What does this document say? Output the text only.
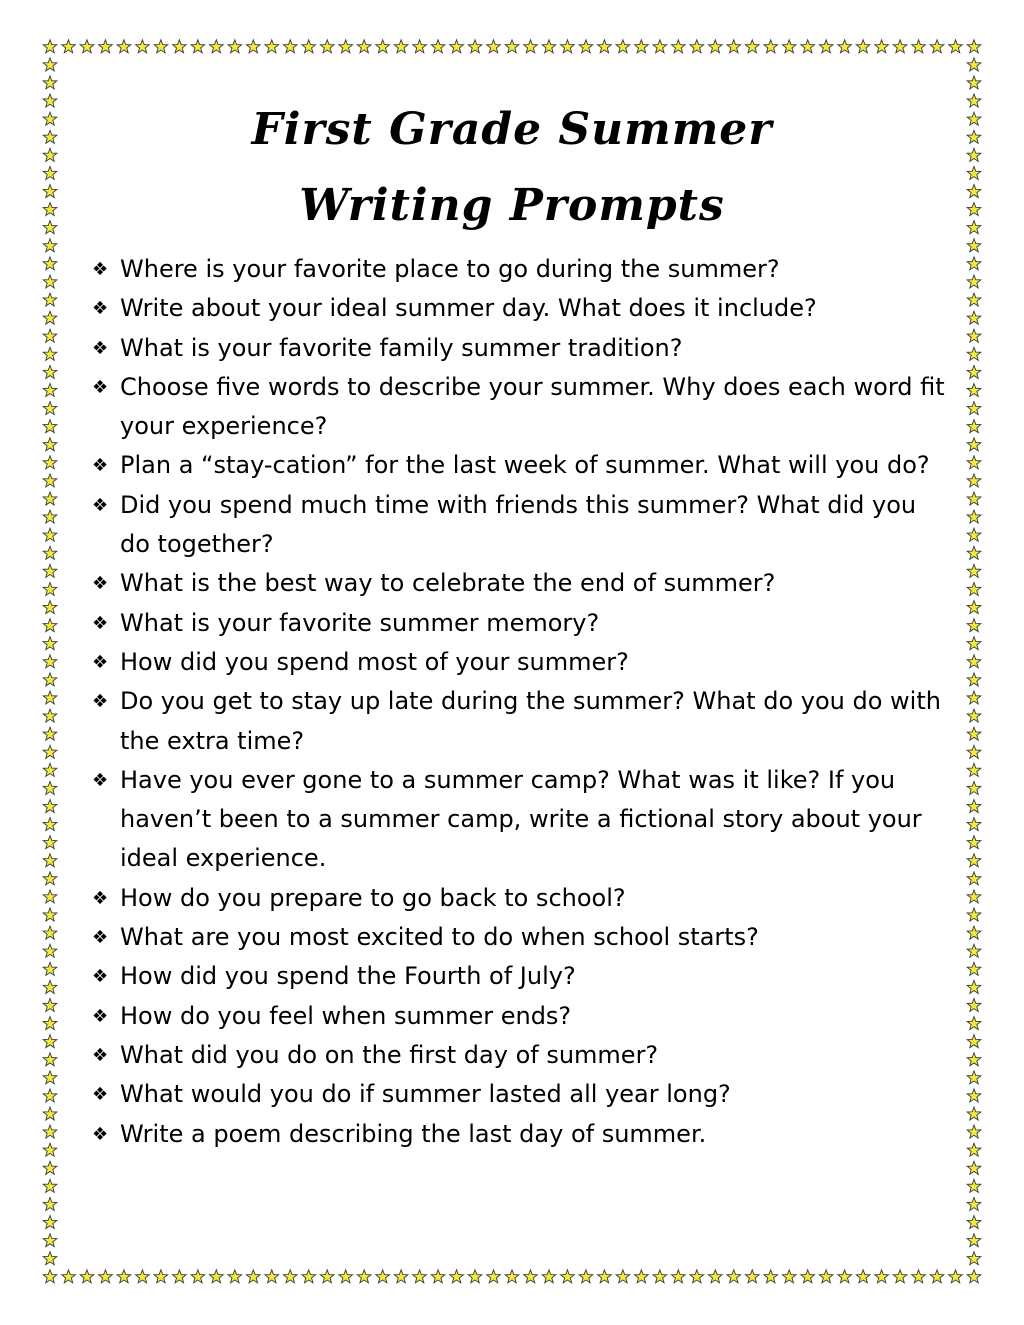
First Grade Summer
Writing Prompts
❖ Where is your favorite place to go during the summer?
❖ Write about your ideal summer day. What does it include?
❖ What is your favorite family summer tradition?
❖ Choose five words to describe your summer. Why does each word fit your experience?
❖ Plan a “stay-cation” for the last week of summer. What will you do?
❖ Did you spend much time with friends this summer? What did you do together?
❖ What is the best way to celebrate the end of summer?
❖ What is your favorite summer memory?
❖ How did you spend most of your summer?
❖ Do you get to stay up late during the summer? What do you do with the extra time?
❖ Have you ever gone to a summer camp? What was it like? If you haven’t been to a summer camp, write a fictional story about your ideal experience.
❖ How do you prepare to go back to school?
❖ What are you most excited to do when school starts?
❖ How did you spend the Fourth of July?
❖ How do you feel when summer ends?
❖ What did you do on the first day of summer?
❖ What would you do if summer lasted all year long?
❖ Write a poem describing the last day of summer.
